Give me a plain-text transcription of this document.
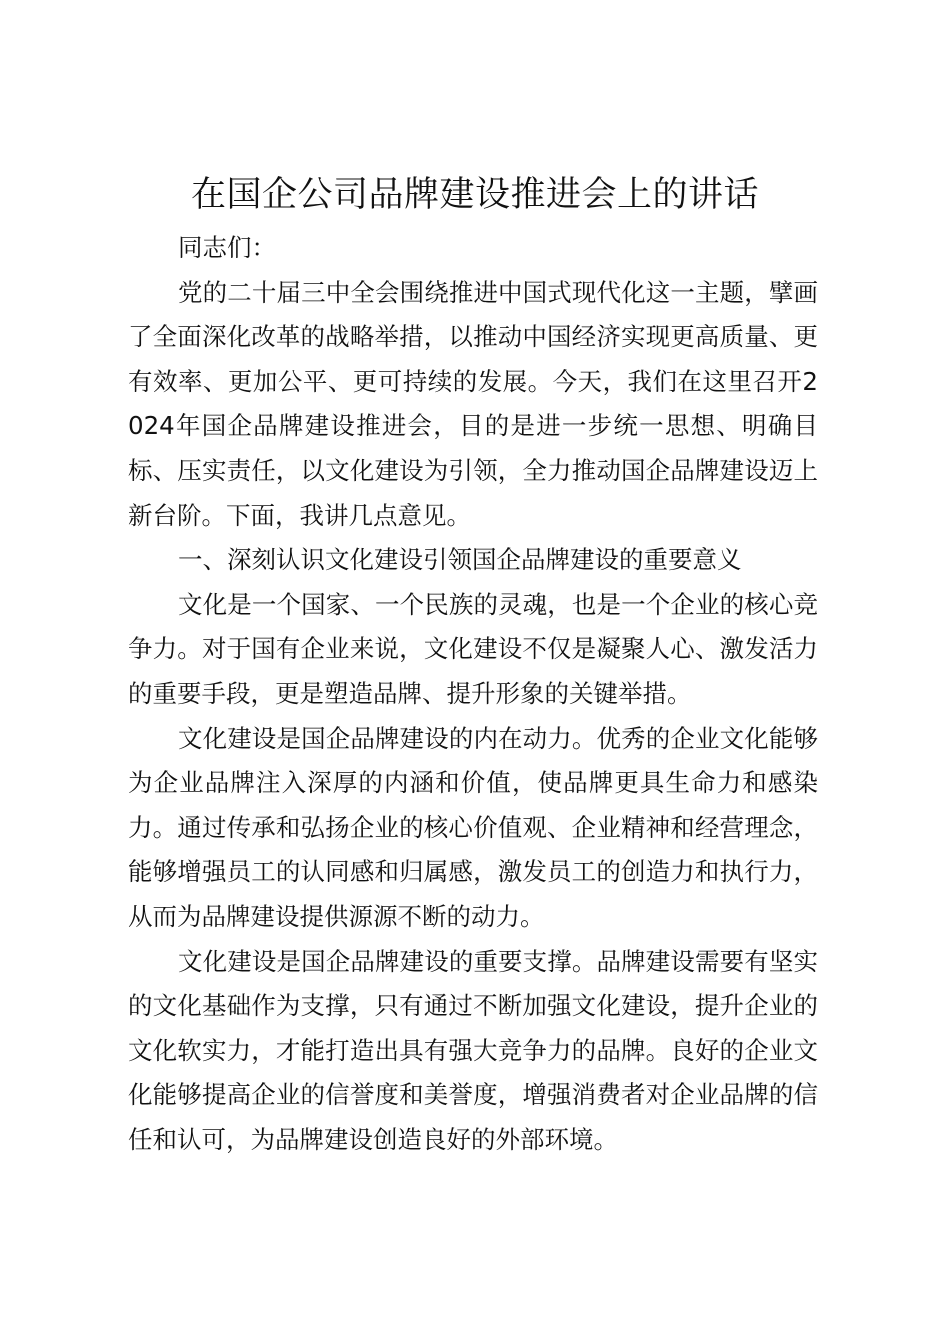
在国企公司品牌建设推进会上的讲话

同志们：

党的二十届三中全会围绕推进中国式现代化这一主题，擘画了全面深化改革的战略举措，以推动中国经济实现更高质量、更有效率、更加公平、更可持续的发展。今天，我们在这里召开2024年国企品牌建设推进会，目的是进一步统一思想、明确目标、压实责任，以文化建设为引领，全力推动国企品牌建设迈上新台阶。下面，我讲几点意见。

一、深刻认识文化建设引领国企品牌建设的重要意义

文化是一个国家、一个民族的灵魂，也是一个企业的核心竞争力。对于国有企业来说，文化建设不仅是凝聚人心、激发活力的重要手段，更是塑造品牌、提升形象的关键举措。

文化建设是国企品牌建设的内在动力。优秀的企业文化能够为企业品牌注入深厚的内涵和价值，使品牌更具生命力和感染力。通过传承和弘扬企业的核心价值观、企业精神和经营理念，能够增强员工的认同感和归属感，激发员工的创造力和执行力，从而为品牌建设提供源源不断的动力。

文化建设是国企品牌建设的重要支撑。品牌建设需要有坚实的文化基础作为支撑，只有通过不断加强文化建设，提升企业的文化软实力，才能打造出具有强大竞争力的品牌。良好的企业文化能够提高企业的信誉度和美誉度，增强消费者对企业品牌的信任和认可，为品牌建设创造良好的外部环境。
